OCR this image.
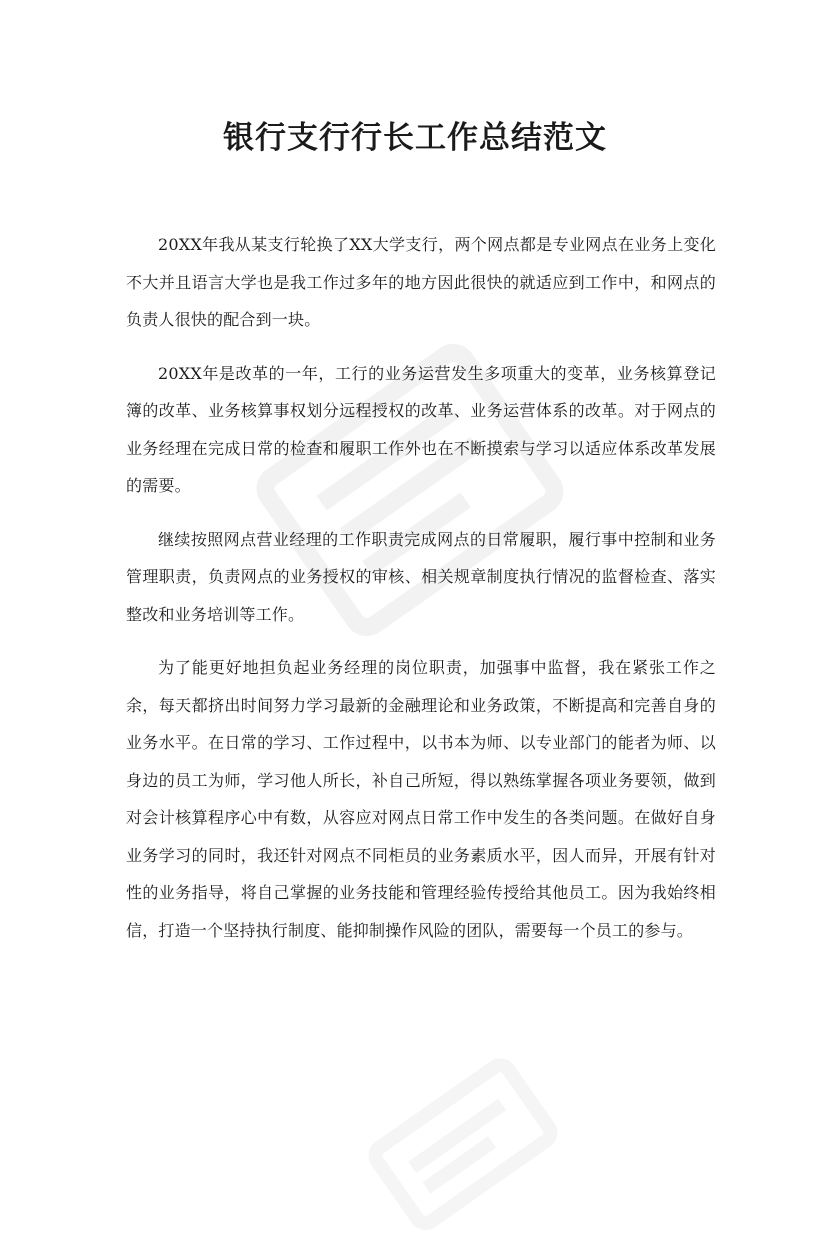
银行支行行长工作总结范文

20XX年我从某支行轮换了XX大学支行，两个网点都是专业网点在业务上变化不大并且语言大学也是我工作过多年的地方因此很快的就适应到工作中，和网点的负责人很快的配合到一块。

20XX年是改革的一年，工行的业务运营发生多项重大的变革，业务核算登记簿的改革、业务核算事权划分远程授权的改革、业务运营体系的改革。对于网点的业务经理在完成日常的检查和履职工作外也在不断摸索与学习以适应体系改革发展的需要。

继续按照网点营业经理的工作职责完成网点的日常履职，履行事中控制和业务管理职责，负责网点的业务授权的审核、相关规章制度执行情况的监督检查、落实整改和业务培训等工作。

为了能更好地担负起业务经理的岗位职责，加强事中监督，我在紧张工作之余，每天都挤出时间努力学习最新的金融理论和业务政策，不断提高和完善自身的业务水平。在日常的学习、工作过程中，以书本为师、以专业部门的能者为师、以身边的员工为师，学习他人所长，补自己所短，得以熟练掌握各项业务要领，做到对会计核算程序心中有数，从容应对网点日常工作中发生的各类问题。在做好自身业务学习的同时，我还针对网点不同柜员的业务素质水平，因人而异，开展有针对性的业务指导，将自己掌握的业务技能和管理经验传授给其他员工。因为我始终相信，打造一个坚持执行制度、能抑制操作风险的团队，需要每一个员工的参与。
